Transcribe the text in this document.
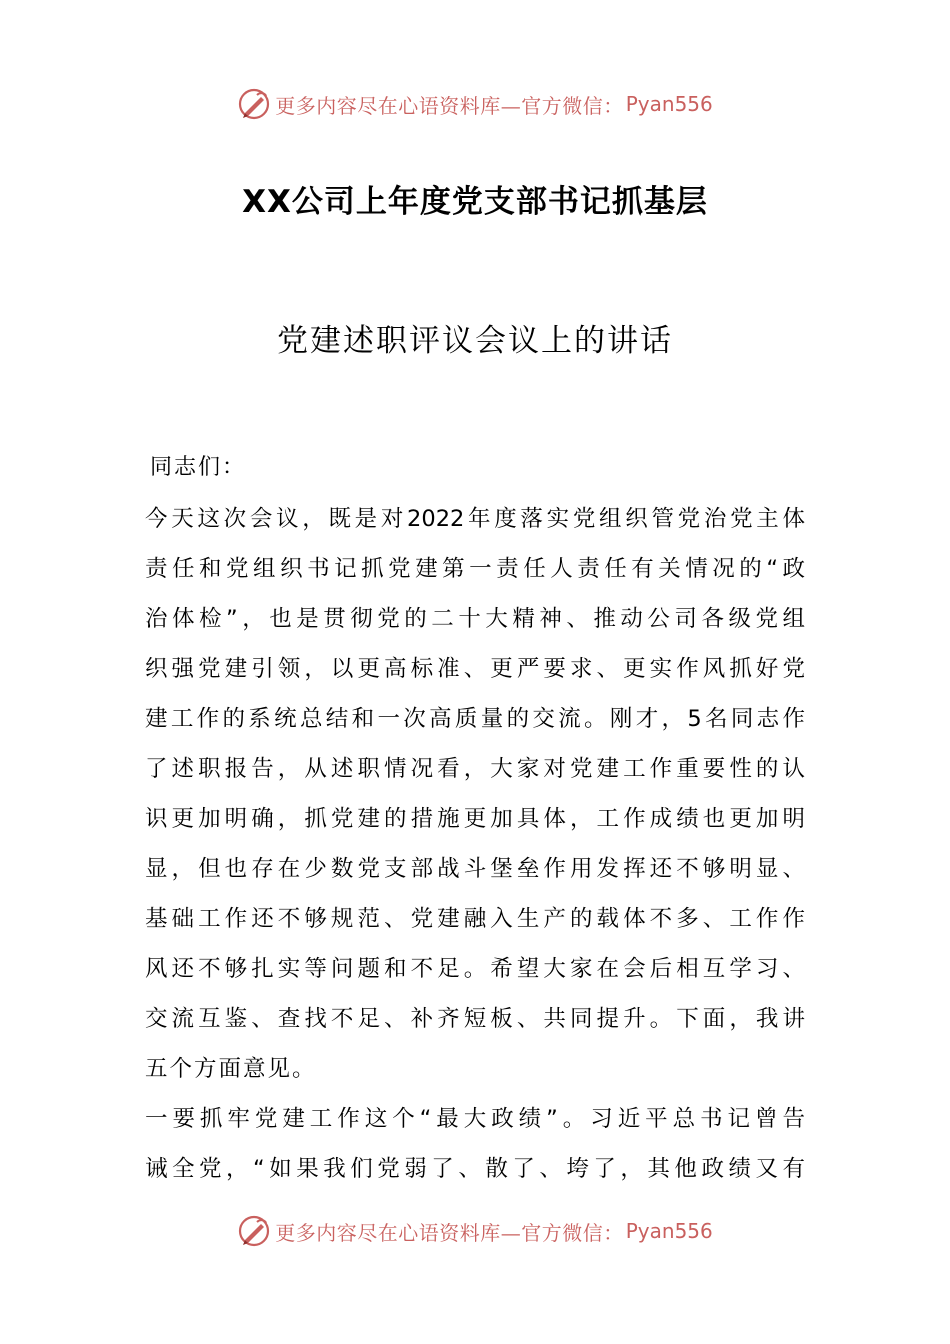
更多内容尽在心语资料库—官方微信： Pyan556
XX公司上年度党支部书记抓基层
党建述职评议会议上的讲话
同志们：
今天这次会议，既是对2022年度落实党组织管党治党主体
责任和党组织书记抓党建第一责任人责任有关情况的“政
治体检”，也是贯彻党的二十大精神、推动公司各级党组
织强党建引领，以更高标准、更严要求、更实作风抓好党
建工作的系统总结和一次高质量的交流。刚才，5名同志作
了述职报告，从述职情况看，大家对党建工作重要性的认
识更加明确，抓党建的措施更加具体，工作成绩也更加明
显，但也存在少数党支部战斗堡垒作用发挥还不够明显、
基础工作还不够规范、党建融入生产的载体不多、工作作
风还不够扎实等问题和不足。希望大家在会后相互学习、
交流互鉴、查找不足、补齐短板、共同提升。下面，我讲
五个方面意见。
一要抓牢党建工作这个“最大政绩”。习近平总书记曾告
诫全党，“如果我们党弱了、散了、垮了，其他政绩又有
更多内容尽在心语资料库—官方微信： Pyan556
